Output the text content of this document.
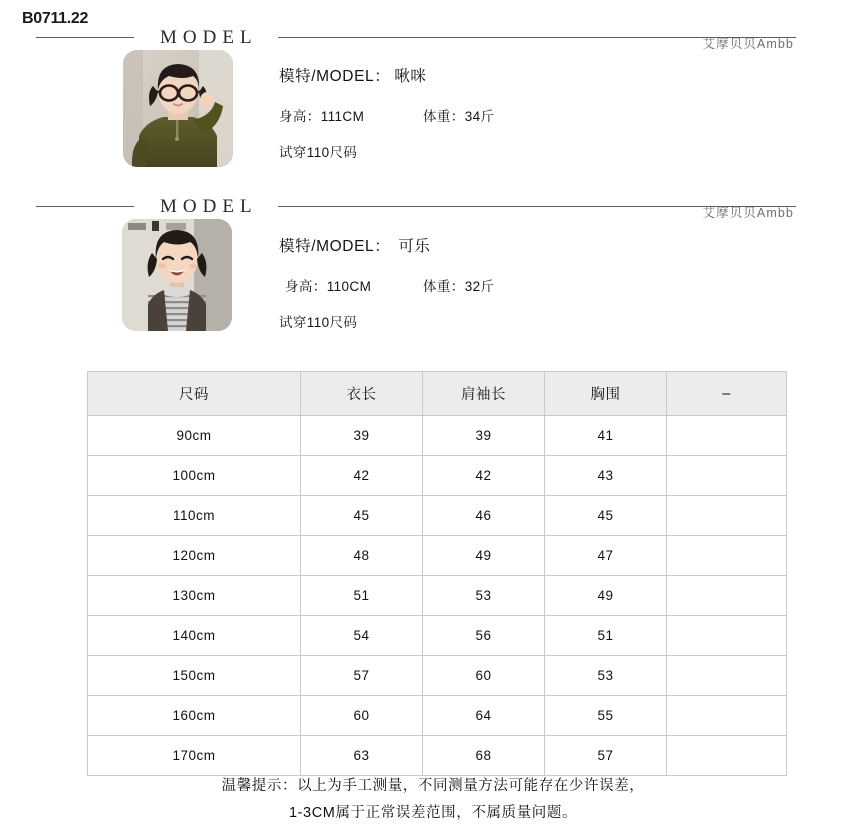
B0711.22
MODEL	艾摩贝贝Ambb
模特/MODEL： 啾咪
身高：111CM	体重：34斤
试穿110尺码
MODEL	艾摩贝贝Ambb
模特/MODEL： 可乐
身高：110CM	体重：32斤
试穿110尺码
尺码	衣长	肩袖长	胸围	–
90cm	39	39	41	
100cm	42	42	43	
110cm	45	46	45	
120cm	48	49	47	
130cm	51	53	49	
140cm	54	56	51	
150cm	57	60	53	
160cm	60	64	55	
170cm	63	68	57	
温馨提示：以上为手工测量，不同测量方法可能存在少许误差，
1-3CM属于正常误差范围，不属质量问题。
